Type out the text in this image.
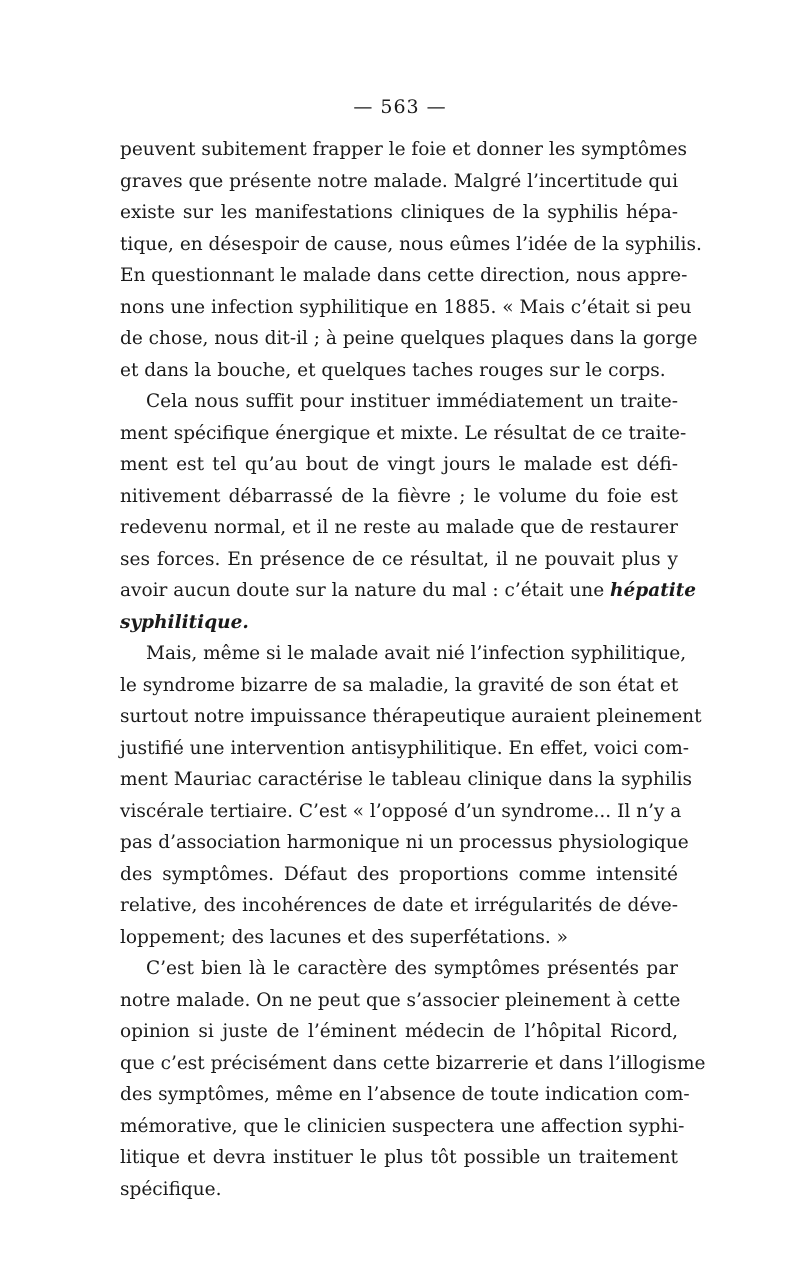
— 563 —
peuvent subitement frapper le foie et donner les symptômes
graves que présente notre malade. Malgré l’incertitude qui
existe sur les manifestations cliniques de la syphilis hépa-
tique, en désespoir de cause, nous eûmes l’idée de la syphilis.
En questionnant le malade dans cette direction, nous appre-
nons une infection syphilitique en 1885. « Mais c’était si peu
de chose, nous dit-il ; à peine quelques plaques dans la gorge
et dans la bouche, et quelques taches rouges sur le corps.
Cela nous suffit pour instituer immédiatement un traite-
ment spécifique énergique et mixte. Le résultat de ce traite-
ment est tel qu’au bout de vingt jours le malade est défi-
nitivement débarrassé de la fièvre ; le volume du foie est
redevenu normal, et il ne reste au malade que de restaurer
ses forces. En présence de ce résultat, il ne pouvait plus y
avoir aucun doute sur la nature du mal : c’était une hépatite
syphilitique.
Mais, même si le malade avait nié l’infection syphilitique,
le syndrome bizarre de sa maladie, la gravité de son état et
surtout notre impuissance thérapeutique auraient pleinement
justifié une intervention antisyphilitique. En effet, voici com-
ment Mauriac caractérise le tableau clinique dans la syphilis
viscérale tertiaire. C’est « l’opposé d’un syndrome... Il n’y a
pas d’association harmonique ni un processus physiologique
des symptômes. Défaut des proportions comme intensité
relative, des incohérences de date et irrégularités de déve-
loppement; des lacunes et des superfétations. »
C’est bien là le caractère des symptômes présentés par
notre malade. On ne peut que s’associer pleinement à cette
opinion si juste de l’éminent médecin de l’hôpital Ricord,
que c’est précisément dans cette bizarrerie et dans l’illogisme
des symptômes, même en l’absence de toute indication com-
mémorative, que le clinicien suspectera une affection syphi-
litique et devra instituer le plus tôt possible un traitement
spécifique.
